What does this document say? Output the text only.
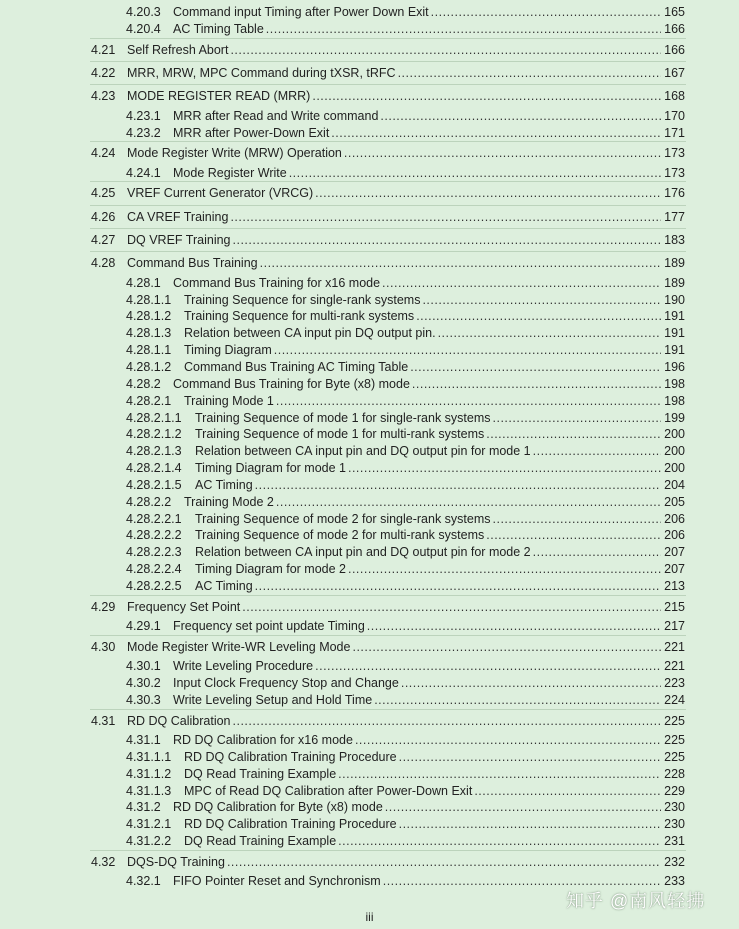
4.20.3 Command input Timing after Power Down Exit .....	165
4.20.4 AC Timing Table .....	166
4.21 Self Refresh Abort .....	166
4.22 MRR, MRW, MPC Command during tXSR, tRFC .....	167
4.23 MODE REGISTER READ (MRR) .....	168
4.23.1 MRR after Read and Write command .....	170
4.23.2 MRR after Power-Down Exit .....	171
4.24 Mode Register Write (MRW) Operation .....	173
4.24.1 Mode Register Write .....	173
4.25 VREF Current Generator (VRCG) .....	176
4.26 CA VREF Training .....	177
4.27 DQ VREF Training .....	183
4.28 Command Bus Training .....	189
4.28.1 Command Bus Training for x16 mode .....	189
4.28.1.1 Training Sequence for single-rank systems .....	190
4.28.1.2 Training Sequence for multi-rank systems .....	191
4.28.1.3 Relation between CA input pin DQ output pin. .....	191
4.28.1.1 Timing Diagram .....	191
4.28.1.2 Command Bus Training AC Timing Table .....	196
4.28.2 Command Bus Training for Byte (x8) mode .....	198
4.28.2.1 Training Mode 1 .....	198
4.28.2.1.1 Training Sequence of mode 1 for single-rank systems .....	199
4.28.2.1.2 Training Sequence of mode 1 for multi-rank systems .....	200
4.28.2.1.3 Relation between CA input pin and DQ output pin for mode 1 .....	200
4.28.2.1.4 Timing Diagram for mode 1 .....	200
4.28.2.1.5 AC Timing .....	204
4.28.2.2 Training Mode 2 .....	205
4.28.2.2.1 Training Sequence of mode 2 for single-rank systems .....	206
4.28.2.2.2 Training Sequence of mode 2 for multi-rank systems .....	206
4.28.2.2.3 Relation between CA input pin and DQ output pin for mode 2 .....	207
4.28.2.2.4 Timing Diagram for mode 2 .....	207
4.28.2.2.5 AC Timing .....	213
4.29 Frequency Set Point .....	215
4.29.1 Frequency set point update Timing .....	217
4.30 Mode Register Write-WR Leveling Mode .....	221
4.30.1 Write Leveling Procedure .....	221
4.30.2 Input Clock Frequency Stop and Change .....	223
4.30.3 Write Leveling Setup and Hold Time .....	224
4.31 RD DQ Calibration .....	225
4.31.1 RD DQ Calibration for x16 mode .....	225
4.31.1.1 RD DQ Calibration Training Procedure .....	225
4.31.1.2 DQ Read Training Example .....	228
4.31.1.3 MPC of Read DQ Calibration after Power-Down Exit .....	229
4.31.2 RD DQ Calibration for Byte (x8) mode .....	230
4.31.2.1 RD DQ Calibration Training Procedure .....	230
4.31.2.2 DQ Read Training Example .....	231
4.32 DQS-DQ Training .....	232
4.32.1 FIFO Pointer Reset and Synchronism .....	233
iii
知乎 @南风轻拂
